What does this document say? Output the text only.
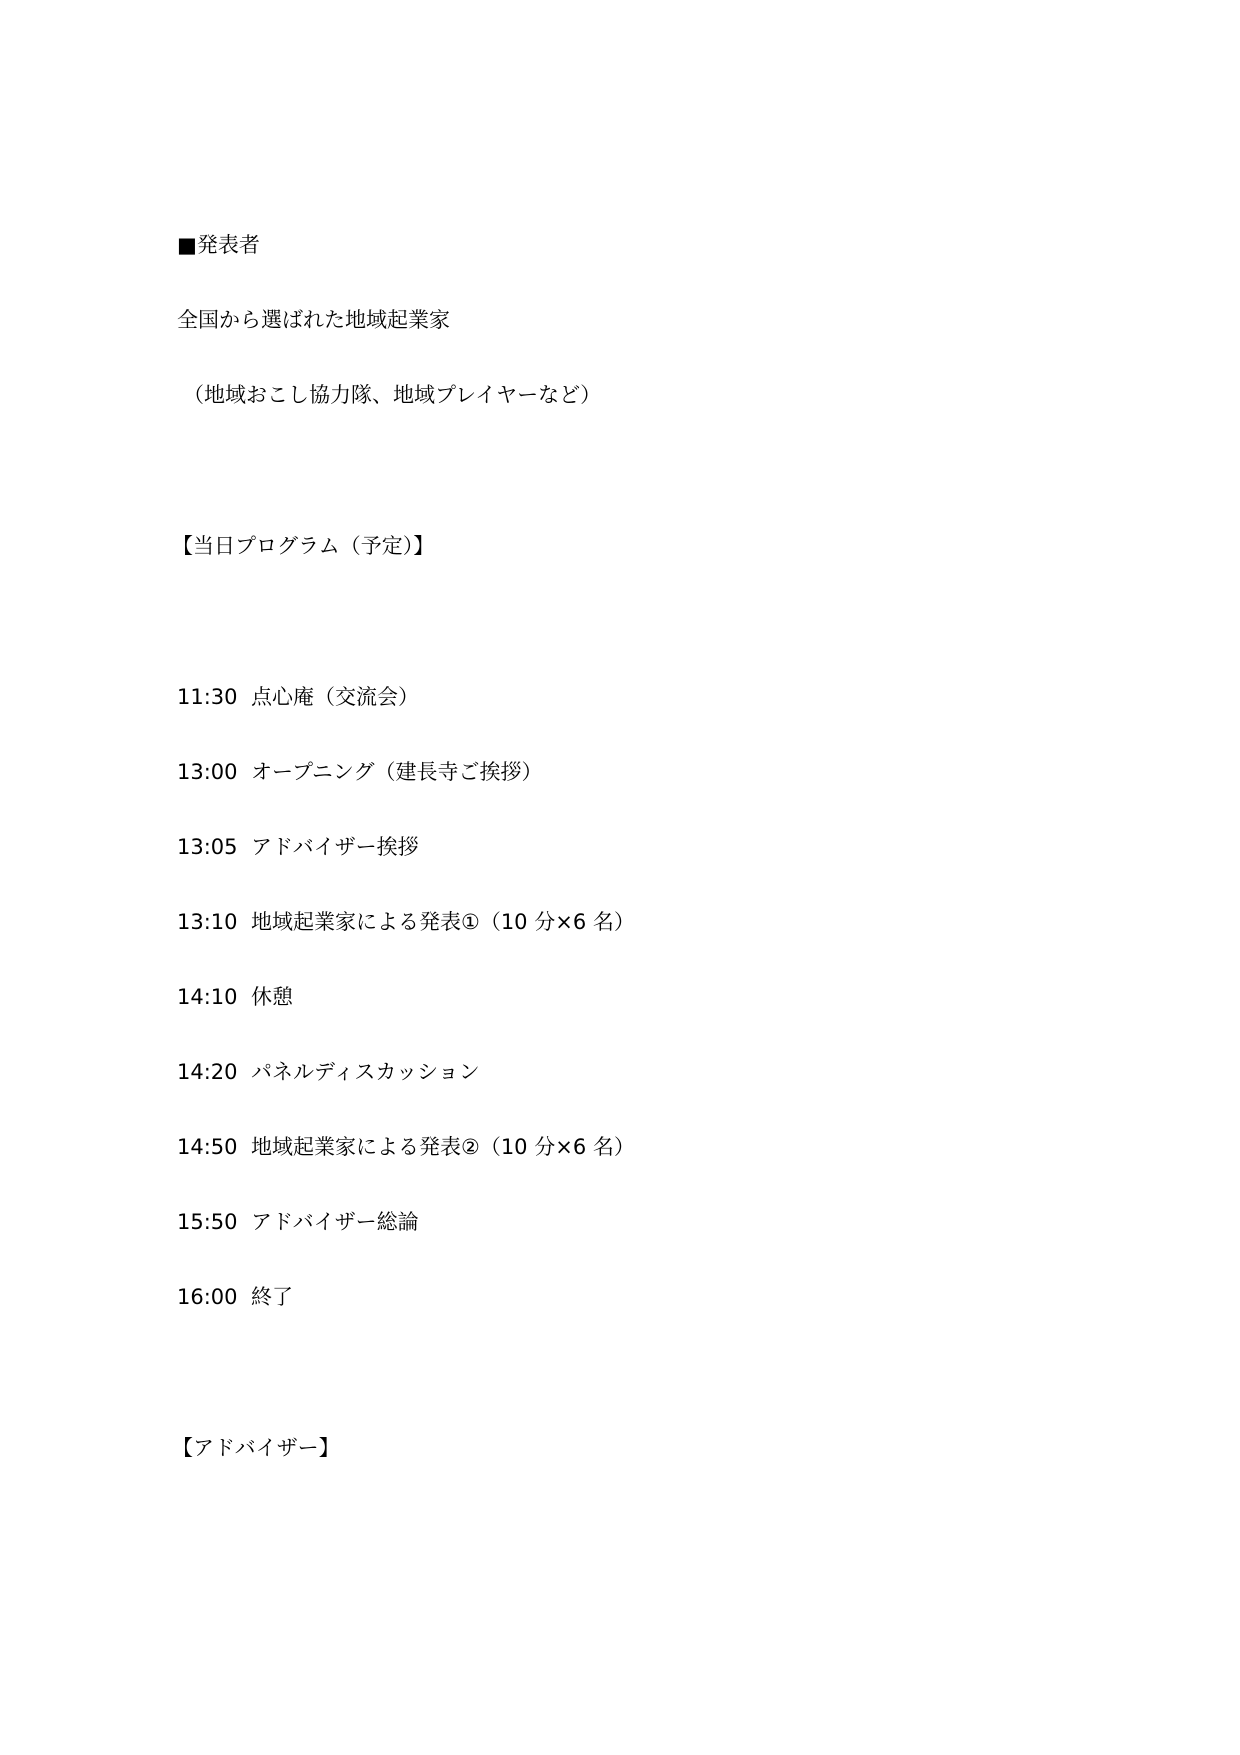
■発表者
全国から選ばれた地域起業家
（地域おこし協力隊、地域プレイヤーなど）
【当日プログラム（予定）】
11:30 点心庵（交流会）
13:00 オープニング（建長寺ご挨拶）
13:05 アドバイザー挨拶
13:10 地域起業家による発表①（10 分×6 名）
14:10 休憩
14:20 パネルディスカッション
14:50 地域起業家による発表②（10 分×6 名）
15:50 アドバイザー総論
16:00 終了
【アドバイザー】
